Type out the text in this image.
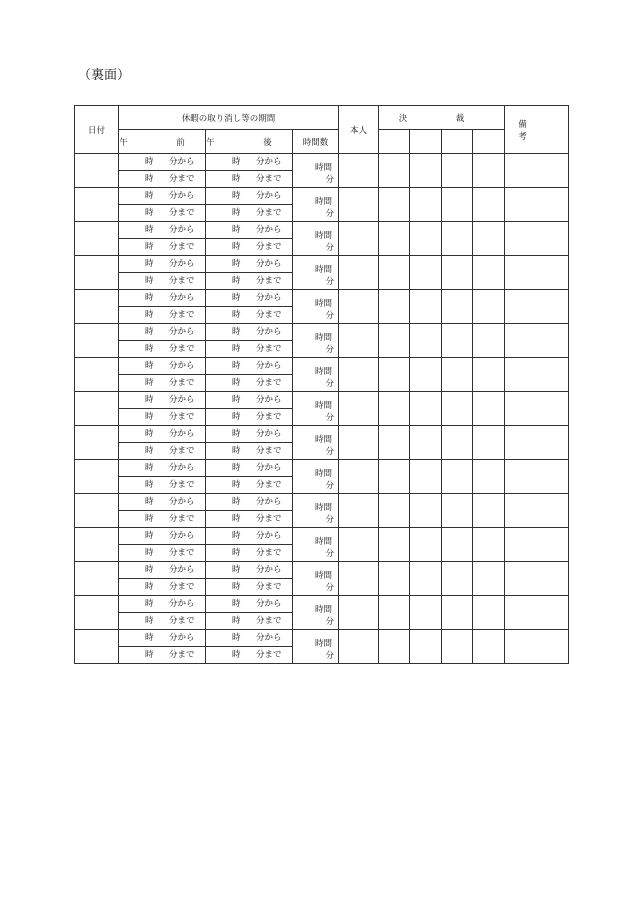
（裏面）
日付	休暇の取り消し等の期間			本人	決　裁				備　考
	午　前	午　後	時間数						

	時 分から	時 分から	時間
分						

	時 分まで	時 分まで							

	時 分から	時 分から	時間
分						

	時 分まで	時 分まで							

	時 分から	時 分から	時間
分						

	時 分まで	時 分まで							

	時 分から	時 分から	時間
分						

	時 分まで	時 分まで							

	時 分から	時 分から	時間
分						

	時 分まで	時 分まで							

	時 分から	時 分から	時間
分						

	時 分まで	時 分まで							

	時 分から	時 分から	時間
分						

	時 分まで	時 分まで							

	時 分から	時 分から	時間
分						

	時 分まで	時 分まで							

	時 分から	時 分から	時間
分						

	時 分まで	時 分まで							

	時 分から	時 分から	時間
分						

	時 分まで	時 分まで							

	時 分から	時 分から	時間
分						

	時 分まで	時 分まで							

	時 分から	時 分から	時間
分						

	時 分まで	時 分まで							

	時 分から	時 分から	時間
分						

	時 分まで	時 分まで							

	時 分から	時 分から	時間
分						

	時 分まで	時 分まで							

	時 分から	時 分から	時間
分						

	時 分まで	時 分まで							
